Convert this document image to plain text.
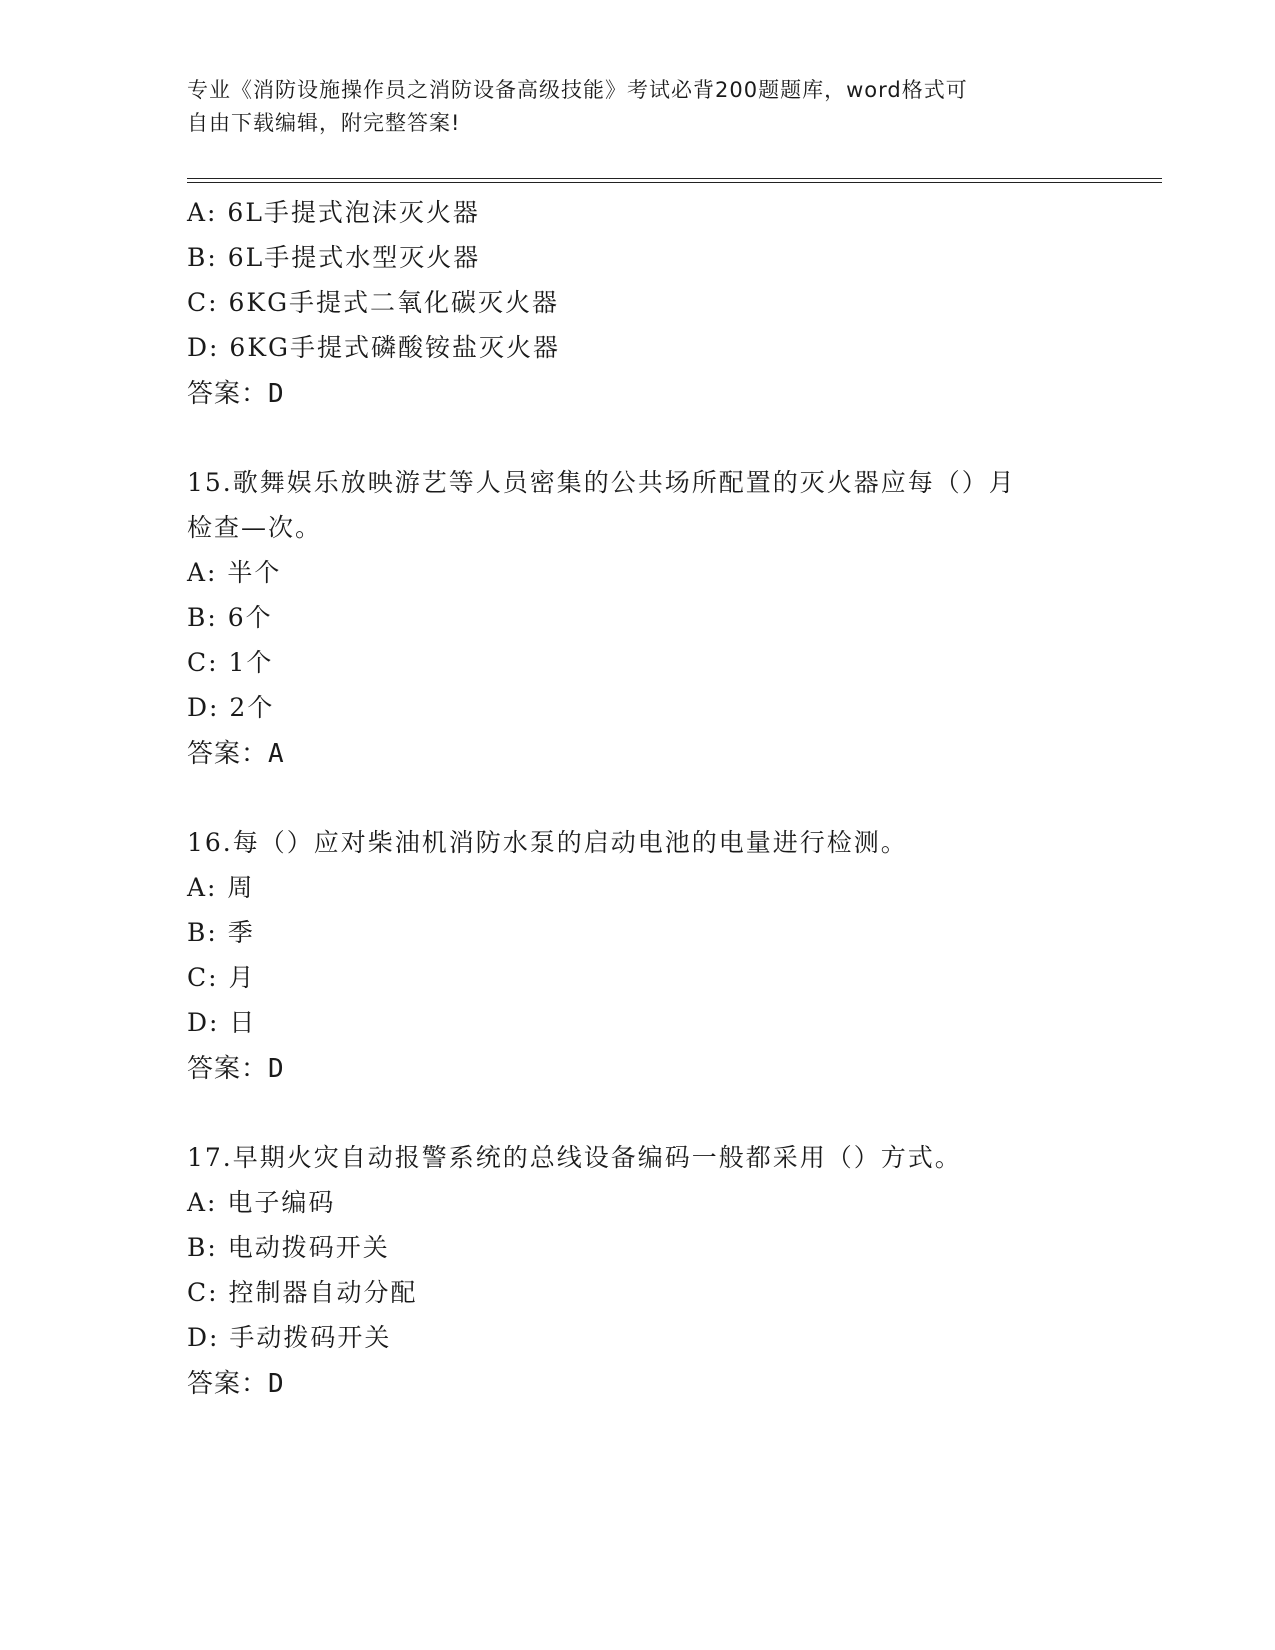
专业《消防设施操作员之消防设备高级技能》考试必背200题题库，word格式可
自由下载编辑，附完整答案!
A: 6L手提式泡沫灭火器
B: 6L手提式水型灭火器
C: 6KG手提式二氧化碳灭火器
D: 6KG手提式磷酸铵盐灭火器
答案：D
15.歌舞娱乐放映游艺等人员密集的公共场所配置的灭火器应每（）月
检查—次。
A: 半个
B: 6个
C: 1个
D: 2个
答案：A
16.每（）应对柴油机消防水泵的启动电池的电量进行检测。
A: 周
B: 季
C: 月
D: 日
答案：D
17.早期火灾自动报警系统的总线设备编码一般都采用（）方式。
A: 电子编码
B: 电动拨码开关
C: 控制器自动分配
D: 手动拨码开关
答案：D
